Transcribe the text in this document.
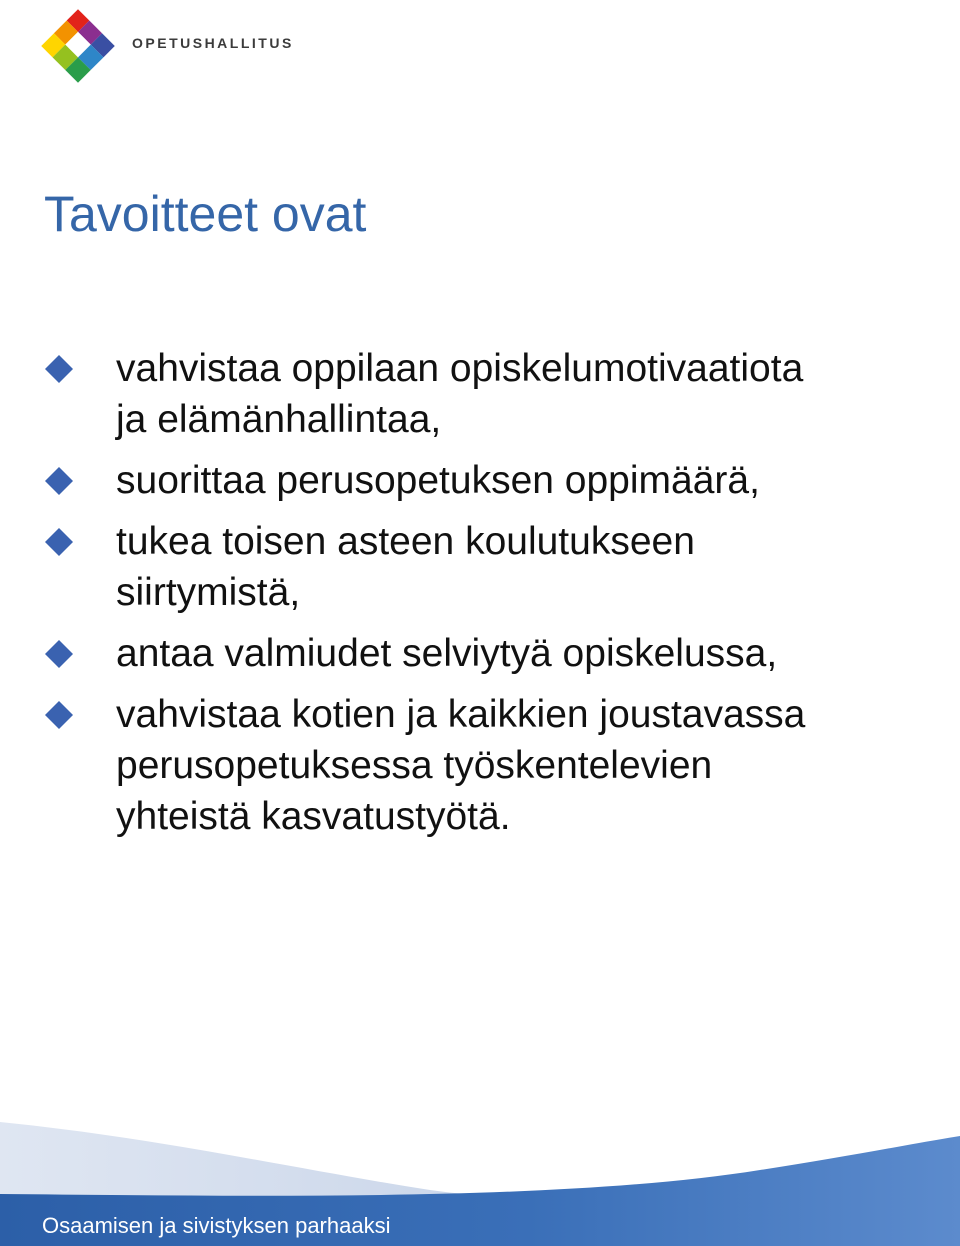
OPETUSHALLITUS
Tavoitteet ovat
vahvistaa oppilaan opiskelumotivaatiota
ja elämänhallintaa,
suorittaa perusopetuksen oppimäärä,
tukea toisen asteen koulutukseen
siirtymistä,
antaa valmiudet selviytyä opiskelussa,
vahvistaa kotien ja kaikkien joustavassa
perusopetuksessa työskentelevien
yhteistä kasvatustyötä.
Osaamisen ja sivistyksen parhaaksi
